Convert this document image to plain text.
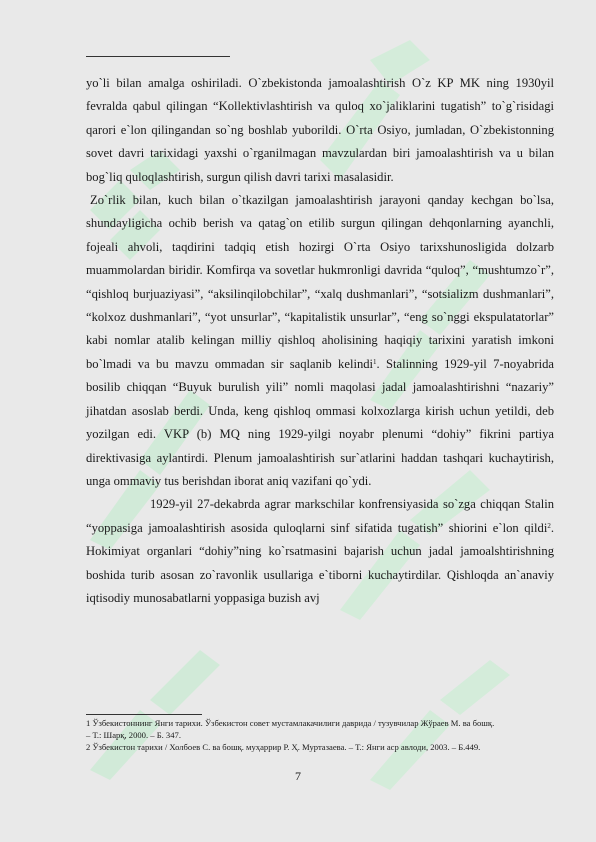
yo`li bilan amalga oshiriladi. O`zbekistonda jamoalashtirish O`z KP MK ning 1930yil fevralda qabul qilingan “Kollektivlashtirish va quloq xo`jaliklarini tugatish” to`g`risidagi qarori e`lon qilingandan so`ng boshlab yuborildi. O`rta Osiyo, jumladan, O`zbekistonning sovet davri tarixidagi yaxshi o`rganilmagan mavzulardan biri jamoalashtirish va u bilan bog`liq quloqlashtirish, surgun qilish davri tarixi masalasidir.

Zo`rlik bilan, kuch bilan o`tkazilgan jamoalashtirish jarayoni qanday kechgan bo`lsa, shundayligicha ochib berish va qatag`on etilib surgun qilingan dehqonlarning ayanchli, fojeali ahvoli, taqdirini tadqiq etish hozirgi O`rta Osiyo tarixshunosligida dolzarb muammolardan biridir. Komfirqa va sovetlar hukmronligi davrida “quloq”, “mushtumzo`r”, “qishloq burjuaziyasi”, “aksilinqilobchilar”, “xalq dushmanlari”, “sotsializm dushmanlari”, “kolxoz dushmanlari”, “yot unsurlar”, “kapitalistik unsurlar”, “eng so`nggi ekspulatatorlar” kabi nomlar atalib kelingan milliy qishloq aholisining haqiqiy tarixini yaratish imkoni bo`lmadi va bu mavzu ommadan sir saqlanib kelindi$^1$. Stalinning 1929-yil 7-noyabrida bosilib chiqqan “Buyuk burulish yili” nomli maqolasi jadal jamoalashtirishni “nazariy” jihatdan asoslab berdi. Unda, keng qishloq ommasi kolxozlarga kirish uchun yetildi, deb yozilgan edi. VKP (b) MQ ning 1929-yilgi noyabr plenumi “dohiy” fikrini partiya direktivasiga aylantirdi. Plenum jamoalashtirish sur`atlarini haddan tashqari kuchaytirish, unga ommaviy tus berishdan iborat aniq vazifani qo`ydi.

1929-yil 27-dekabrda agrar markschilar konfrensiyasida so`zga chiqqan Stalin “yoppasiga jamoalashtirish asosida quloqlarni sinf sifatida tugatish” shiorini e`lon qildi$^2$. Hokimiyat organlari “dohiy”ning ko`rsatmasini bajarish uchun jadal jamoalshtirishning boshida turib asosan zo`ravonlik usullariga e`tiborni kuchaytirdilar. Qishloqda an`anaviy iqtisodiy munosabatlarni yoppasiga buzish avj

1 Ўзбекистоннинг Янги тарихи. Ўзбекистон совет мустамлакачилиги даврида / тузувчилар Жўраев М. ва бошқ.
– Т.: Шарқ, 2000. – Б. 347.
2 Ўзбекистон тарихи / Холбоев С. ва бошқ. муҳаррир Р. Ҳ. Муртазаева. – Т.: Янги аср авлоди, 2003. – Б.449.
7
